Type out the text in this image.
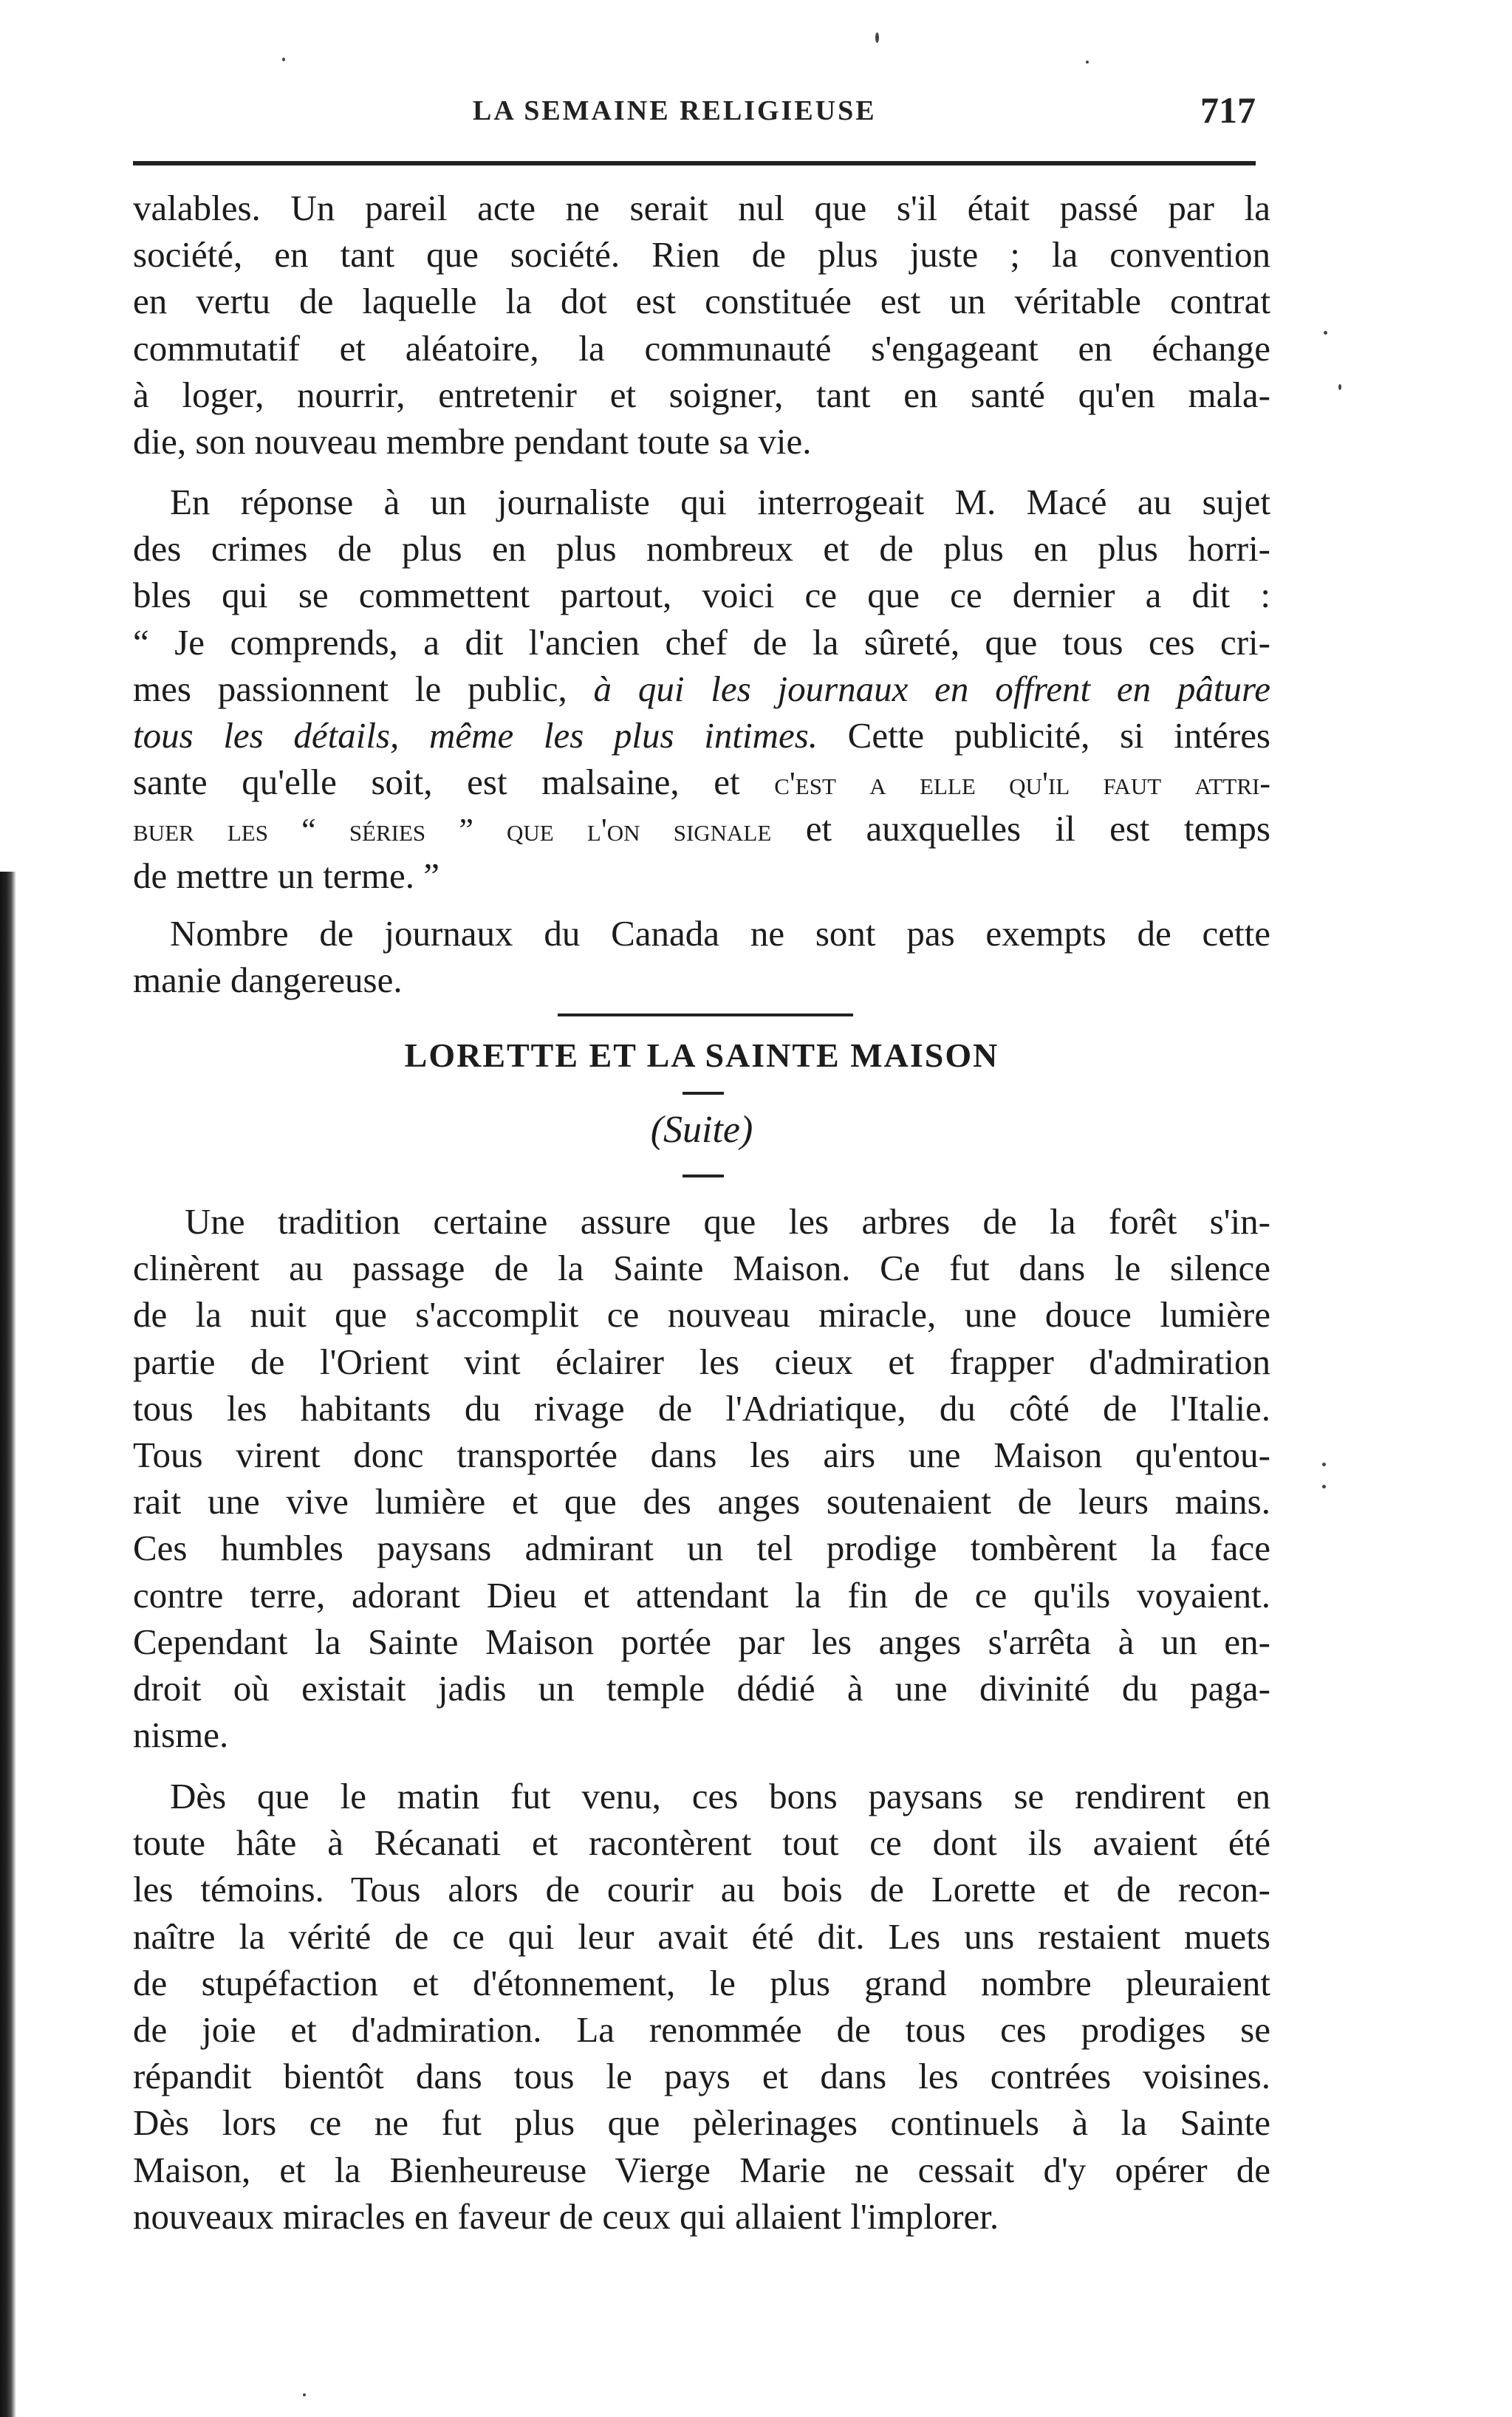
LA SEMAINE RELIGIEUSE	717
valables. Un pareil acte ne serait nul que s'il était passé par la
société, en tant que société. Rien de plus juste ; la convention
en vertu de laquelle la dot est constituée est un véritable contrat
commutatif et aléatoire, la communauté s'engageant en échange
à loger, nourrir, entretenir et soigner, tant en santé qu'en mala-
die, son nouveau membre pendant toute sa vie.
En réponse à un journaliste qui interrogeait M. Macé au sujet
des crimes de plus en plus nombreux et de plus en plus horri-
bles qui se commettent partout, voici ce que ce dernier a dit :
“ Je comprends, a dit l'ancien chef de la sûreté, que tous ces cri-
mes passionnent le public, à qui les journaux en offrent en pâture
tous les détails, même les plus intimes. Cette publicité, si intéres
sante qu'elle soit, est malsaine, et c'est a elle qu'il faut attri-
buer les “ séries ” que l'on signale et auxquelles il est temps
de mettre un terme. ”
Nombre de journaux du Canada ne sont pas exempts de cette
manie dangereuse.
LORETTE ET LA SAINTE MAISON
(Suite)
Une tradition certaine assure que les arbres de la forêt s'in-
clinèrent au passage de la Sainte Maison. Ce fut dans le silence
de la nuit que s'accomplit ce nouveau miracle, une douce lumière
partie de l'Orient vint éclairer les cieux et frapper d'admiration
tous les habitants du rivage de l'Adriatique, du côté de l'Italie.
Tous virent donc transportée dans les airs une Maison qu'entou-
rait une vive lumière et que des anges soutenaient de leurs mains.
Ces humbles paysans admirant un tel prodige tombèrent la face
contre terre, adorant Dieu et attendant la fin de ce qu'ils voyaient.
Cependant la Sainte Maison portée par les anges s'arrêta à un en-
droit où existait jadis un temple dédié à une divinité du paga-
nisme.
Dès que le matin fut venu, ces bons paysans se rendirent en
toute hâte à Récanati et racontèrent tout ce dont ils avaient été
les témoins. Tous alors de courir au bois de Lorette et de recon-
naître la vérité de ce qui leur avait été dit. Les uns restaient muets
de stupéfaction et d'étonnement, le plus grand nombre pleuraient
de joie et d'admiration. La renommée de tous ces prodiges se
répandit bientôt dans tous le pays et dans les contrées voisines.
Dès lors ce ne fut plus que pèlerinages continuels à la Sainte
Maison, et la Bienheureuse Vierge Marie ne cessait d'y opérer de
nouveaux miracles en faveur de ceux qui allaient l'implorer.
